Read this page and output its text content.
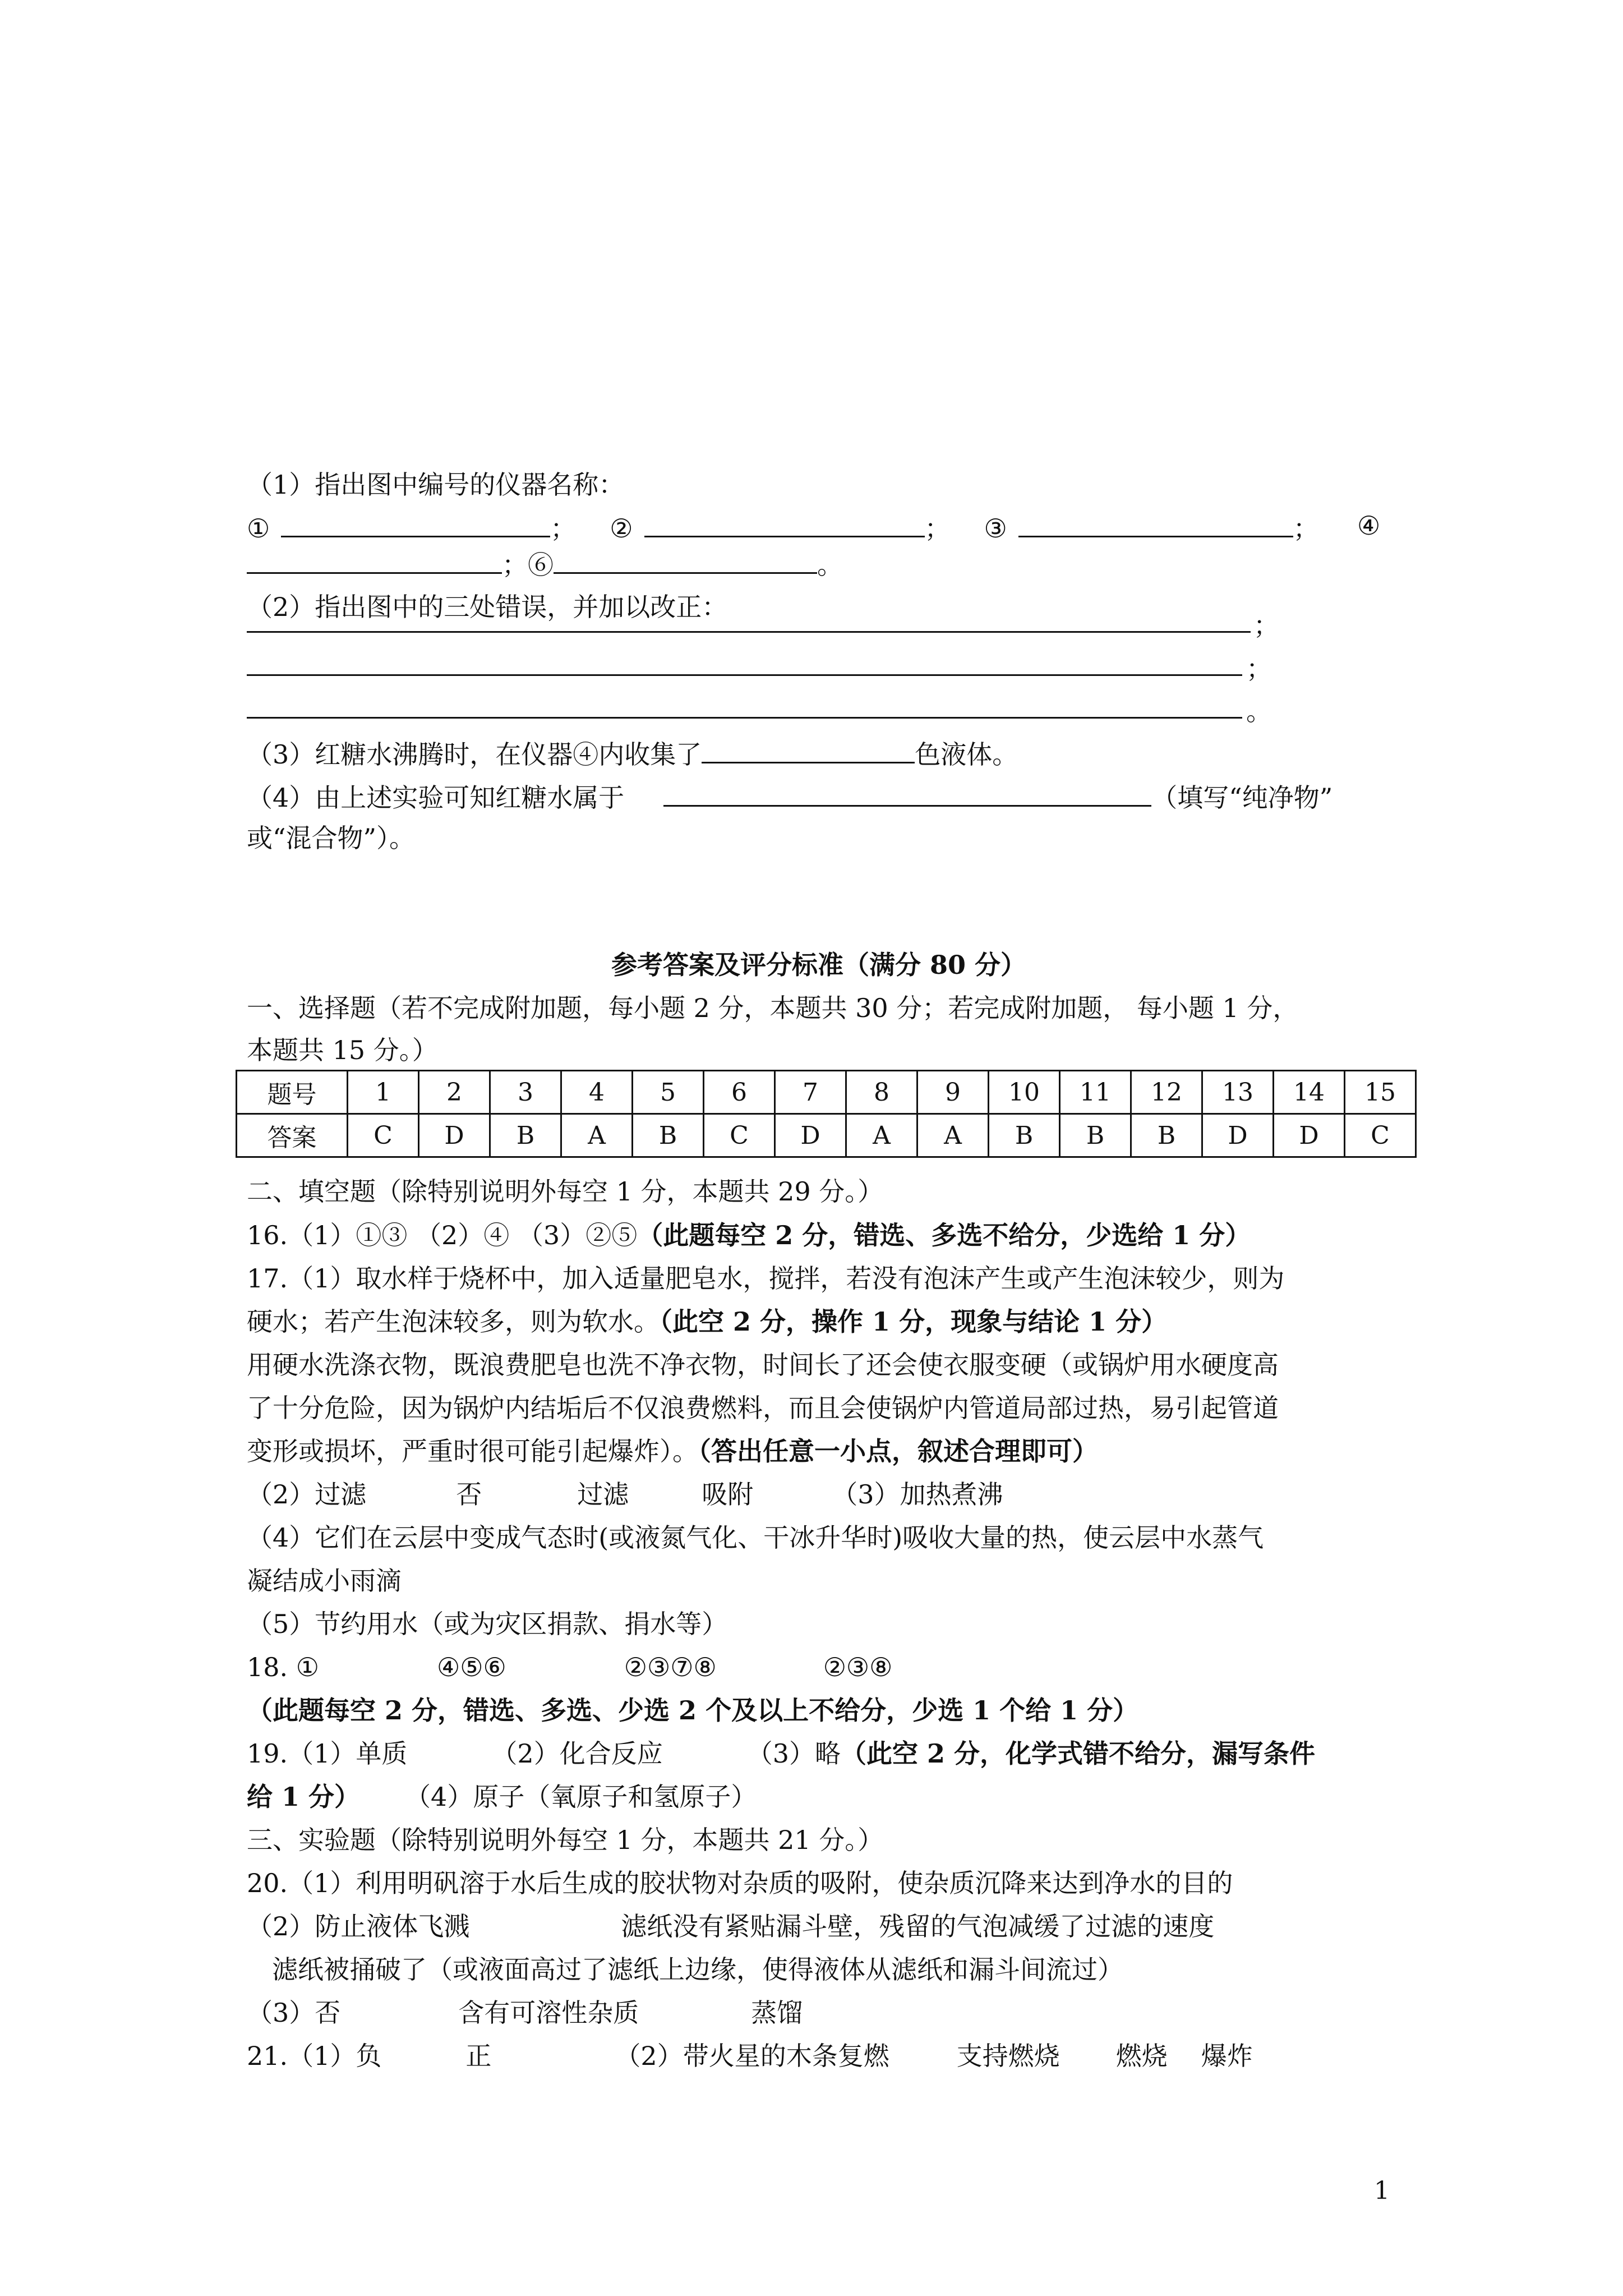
（1）指出图中编号的仪器名称：
①	； ②	； ③	；	④
；⑥	。
（2）指出图中的三处错误，并加以改正：
；
；
。
（3）红糖水沸腾时，在仪器④内收集了	色液体。
（4）由上述实验可知红糖水属于	（填写“纯净物”
或“混合物”）。
参考答案及评分标准（满分 80 分）
一、选择题（若不完成附加题，每小题 2 分，本题共 30 分；若完成附加题， 每小题 1 分，
本题共 15 分。）
题号	1	2	3	4	5	6	7	8	9	10	11	12	13	14	15
答案	C	D	B	A	B	C	D	A	A	B	B	B	D	D	C
二、填空题（除特别说明外每空 1 分，本题共 29 分。）
16.（1）①③ （2）④ （3）②⑤（此题每空 2 分，错选、多选不给分，少选给 1 分）
17.（1）取水样于烧杯中，加入适量肥皂水，搅拌，若没有泡沫产生或产生泡沫较少，则为
硬水；若产生泡沫较多，则为软水。（此空 2 分，操作 1 分，现象与结论 1 分）
用硬水洗涤衣物，既浪费肥皂也洗不净衣物，时间长了还会使衣服变硬（或锅炉用水硬度高
了十分危险，因为锅炉内结垢后不仅浪费燃料，而且会使锅炉内管道局部过热，易引起管道
变形或损坏，严重时很可能引起爆炸）。（答出任意一小点，叙述合理即可）
（2）过滤	否	过滤	吸附	（3）加热煮沸
（4）它们在云层中变成气态时(或液氮气化、干冰升华时)吸收大量的热，使云层中水蒸气
凝结成小雨滴
（5）节约用水（或为灾区捐款、捐水等）
18. ①	④⑤⑥	②③⑦⑧	②③⑧
（此题每空 2 分，错选、多选、少选 2 个及以上不给分，少选 1 个给 1 分）
19.（1）单质	（2）化合反应	（3）略（此空 2 分，化学式错不给分，漏写条件
给 1 分） （4）原子（氧原子和氢原子）
三、实验题（除特别说明外每空 1 分，本题共 21 分。）
20.（1）利用明矾溶于水后生成的胶状物对杂质的吸附，使杂质沉降来达到净水的目的
（2）防止液体飞溅	滤纸没有紧贴漏斗壁，残留的气泡减缓了过滤的速度
滤纸被捅破了（或液面高过了滤纸上边缘，使得液体从滤纸和漏斗间流过）
（3）否	含有可溶性杂质	蒸馏
21.（1）负	正	（2）带火星的木条复燃	支持燃烧 燃烧 爆炸
1
